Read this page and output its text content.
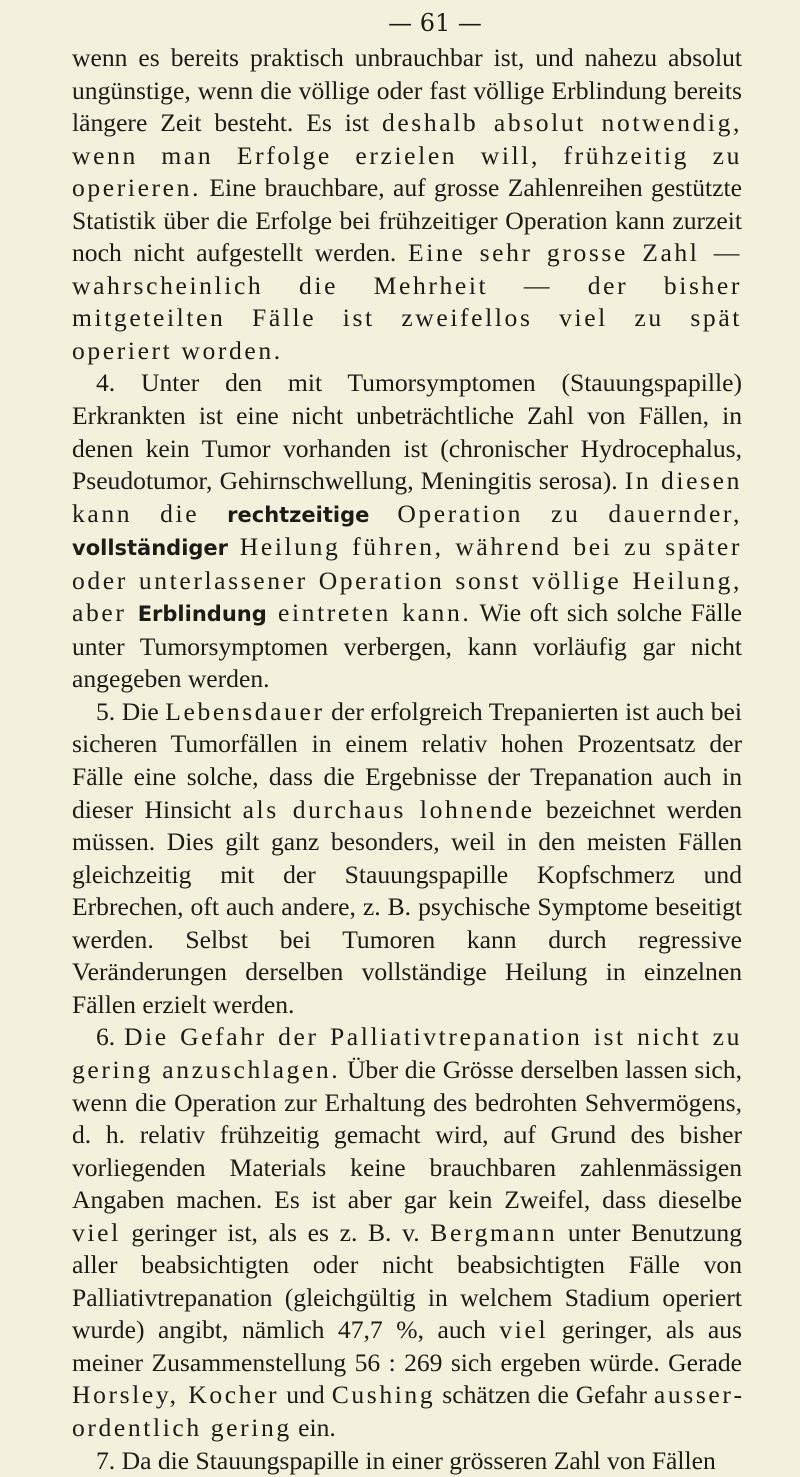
— 61 —

wenn es bereits praktisch unbrauchbar ist, und nahezu absolut ungünstige, wenn die völlige oder fast völlige Erblindung bereits längere Zeit besteht. Es ist deshalb absolut notwendig, wenn man Erfolge erzielen will, frühzeitig zu operieren. Eine brauchbare, auf grosse Zahlenreihen gestützte Statistik über die Erfolge bei frühzeitiger Operation kann zurzeit noch nicht aufgestellt werden. Eine sehr grosse Zahl — wahrscheinlich die Mehrheit — der bisher mitgeteilten Fälle ist zweifellos viel zu spät operiert worden.

4. Unter den mit Tumorsymptomen (Stauungspapille) Erkrankten ist eine nicht unbeträchtliche Zahl von Fällen, in denen kein Tumor vorhanden ist (chronischer Hydrocephalus, Pseudotumor, Gehirnschwellung, Meningitis serosa). In diesen kann die rechtzeitige Operation zu dauernder, vollständiger Heilung führen, während bei zu später oder unterlassener Operation sonst völlige Heilung, aber Erblindung eintreten kann. Wie oft sich solche Fälle unter Tumorsymptomen verbergen, kann vorläufig gar nicht angegeben werden.

5. Die Lebensdauer der erfolgreich Trepanierten ist auch bei sicheren Tumorfällen in einem relativ hohen Prozentsatz der Fälle eine solche, dass die Ergebnisse der Trepanation auch in dieser Hinsicht als durchaus lohnende bezeichnet werden müssen. Dies gilt ganz besonders, weil in den meisten Fällen gleichzeitig mit der Stauungspapille Kopfschmerz und Erbrechen, oft auch andere, z. B. psychische Symptome beseitigt werden. Selbst bei Tumoren kann durch regressive Veränderungen derselben vollständige Heilung in einzelnen Fällen erzielt werden.

6. Die Gefahr der Palliativtrepanation ist nicht zu gering anzuschlagen. Über die Grösse derselben lassen sich, wenn die Operation zur Erhaltung des bedrohten Sehvermögens, d. h. relativ frühzeitig gemacht wird, auf Grund des bisher vorliegenden Materials keine brauchbaren zahlenmässigen Angaben machen. Es ist aber gar kein Zweifel, dass dieselbe viel geringer ist, als es z. B. v. Bergmann unter Benutzung aller beabsichtigten oder nicht beabsichtigten Fälle von Palliativtrepanation (gleichgültig in welchem Stadium operiert wurde) angibt, nämlich 47,7 %, auch viel geringer, als aus meiner Zusammenstellung 56 : 269 sich ergeben würde. Gerade Horsley, Kocher und Cushing schätzen die Gefahr ausserordentlich gering ein.

7. Da die Stauungspapille in einer grösseren Zahl von Fällen
